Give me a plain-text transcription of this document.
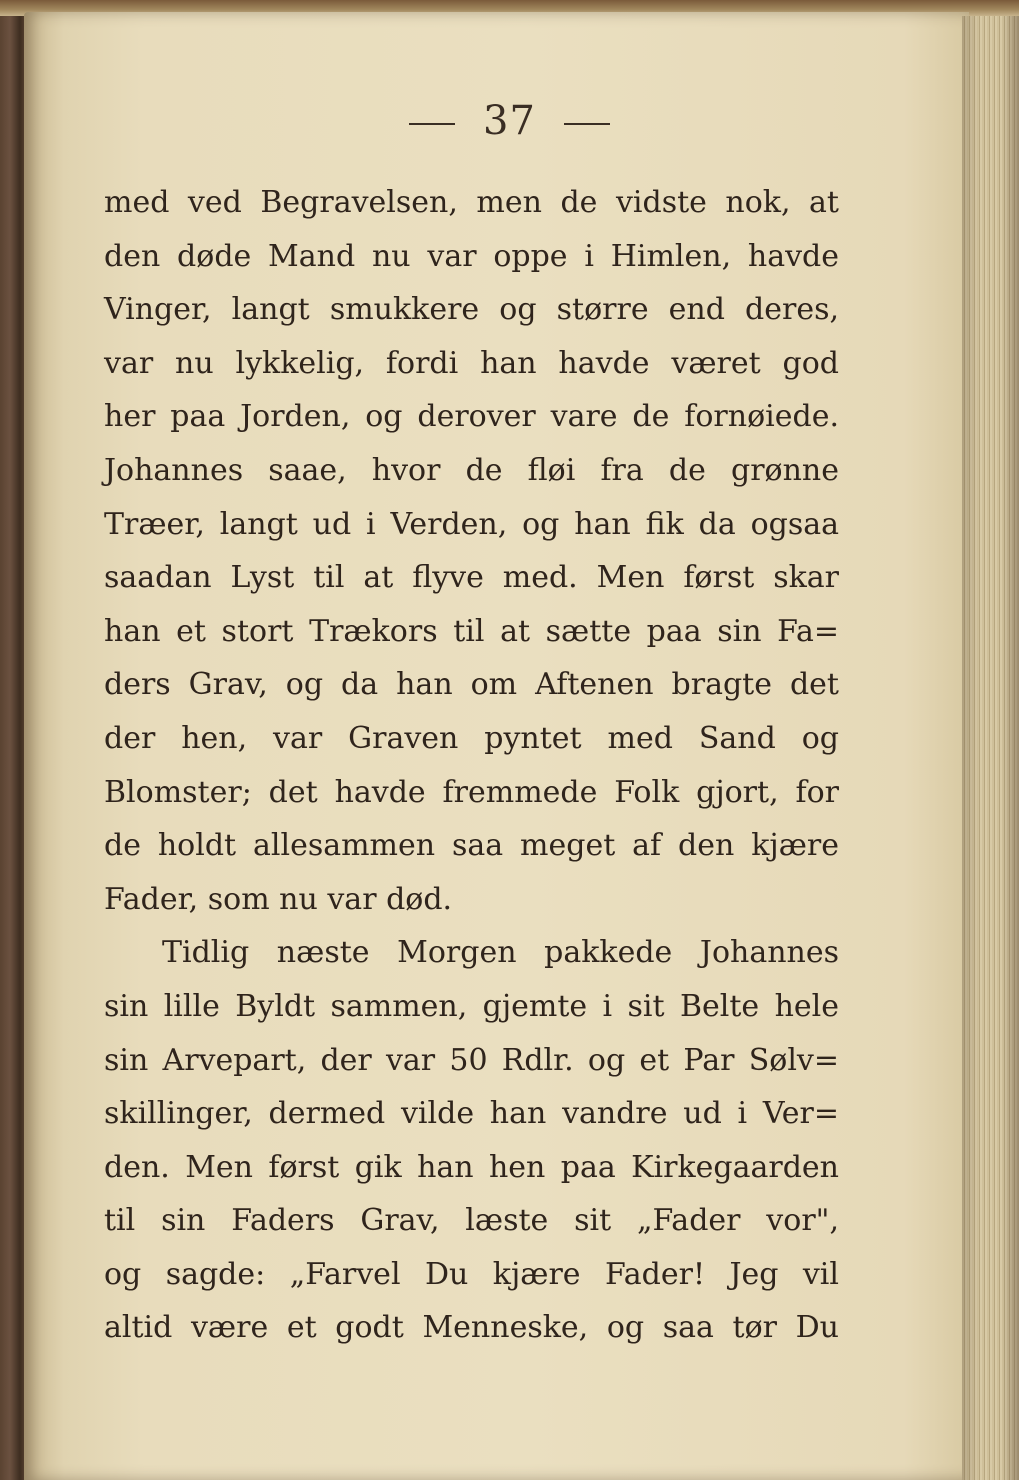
37
med ved Begravelsen, men de vidste nok, at
den døde Mand nu var oppe i Himlen, havde
Vinger, langt smukkere og større end deres,
var nu lykkelig, fordi han havde været god
her paa Jorden, og derover vare de fornøiede.
Johannes saae, hvor de fløi fra de grønne
Træer, langt ud i Verden, og han fik da ogsaa
saadan Lyst til at flyve med. Men først skar
han et stort Trækors til at sætte paa sin Fa=
ders Grav, og da han om Aftenen bragte det
der hen, var Graven pyntet med Sand og
Blomster; det havde fremmede Folk gjort, for
de holdt allesammen saa meget af den kjære
Fader, som nu var død.
Tidlig næste Morgen pakkede Johannes
sin lille Byldt sammen, gjemte i sit Belte hele
sin Arvepart, der var 50 Rdlr. og et Par Sølv=
skillinger, dermed vilde han vandre ud i Ver=
den. Men først gik han hen paa Kirkegaarden
til sin Faders Grav, læste sit „Fader vor",
og sagde: „Farvel Du kjære Fader! Jeg vil
altid være et godt Menneske, og saa tør Du
